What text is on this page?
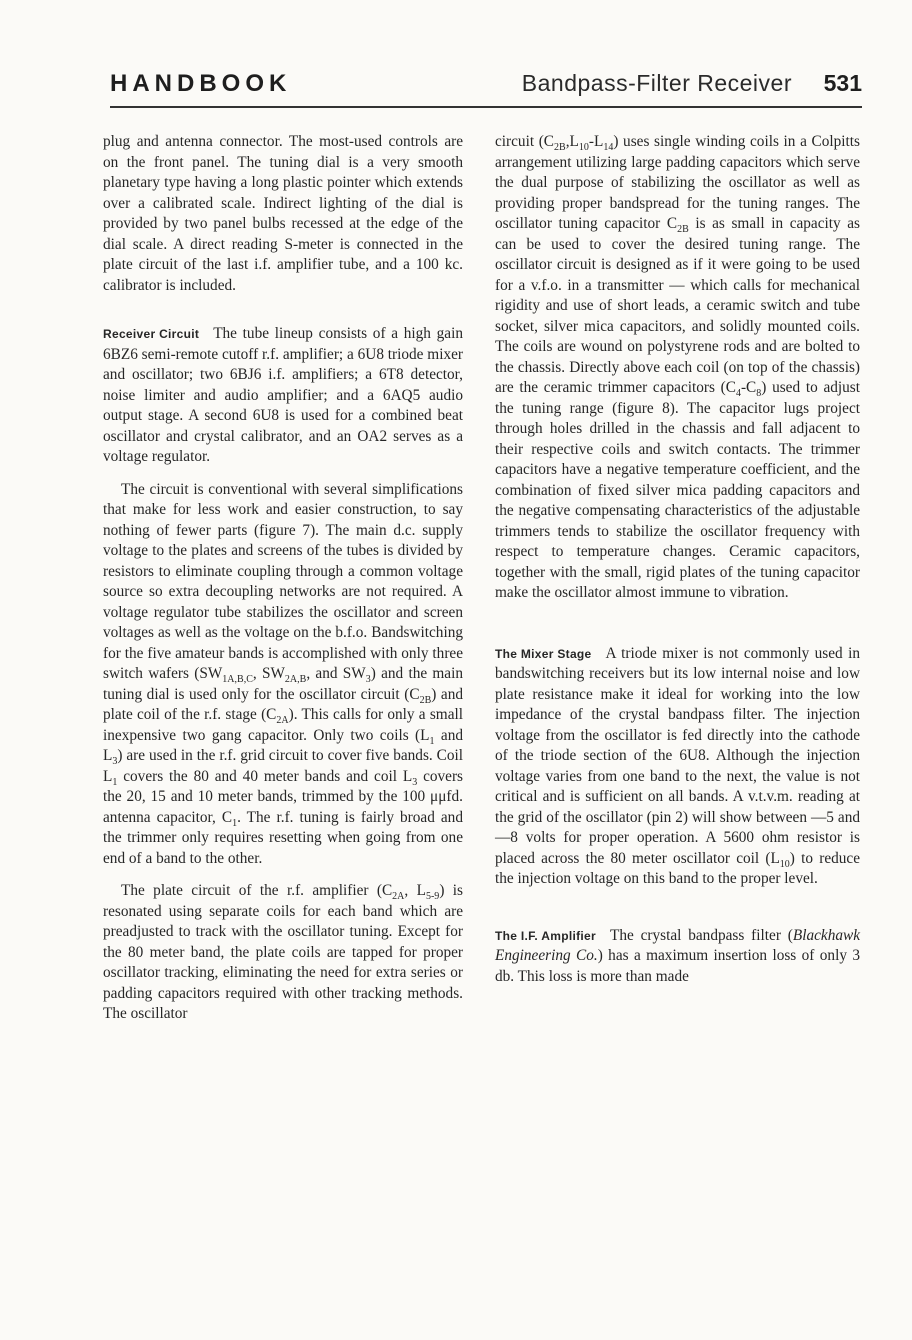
HANDBOOK	Bandpass-Filter Receiver 531

plug and antenna connector. The most-used controls are on the front panel. The tuning dial is a very smooth planetary type having a long plastic pointer which extends over a calibrated scale. Indirect lighting of the dial is provided by two panel bulbs recessed at the edge of the dial scale. A direct reading S-meter is connected in the plate circuit of the last i.f. amplifier tube, and a 100 kc. calibrator is included.

Receiver Circuit The tube lineup consists of a high gain 6BZ6 semi-remote cutoff r.f. amplifier; a 6U8 triode mixer and oscillator; two 6BJ6 i.f. amplifiers; a 6T8 detector, noise limiter and audio amplifier; and a 6AQ5 audio output stage. A second 6U8 is used for a combined beat oscillator and crystal calibrator, and an OA2 serves as a voltage regulator.

The circuit is conventional with several simplifications that make for less work and easier construction, to say nothing of fewer parts (figure 7). The main d.c. supply voltage to the plates and screens of the tubes is divided by resistors to eliminate coupling through a common voltage source so extra decoupling networks are not required. A voltage regulator tube stabilizes the oscillator and screen voltages as well as the voltage on the b.f.o. Bandswitching for the five amateur bands is accomplished with only three switch wafers ($SW_{1A,B,C}$, $SW_{2A,B}$, and $SW_3$) and the main tuning dial is used only for the oscillator circuit $(C_{2B})$ and plate coil of the r.f. stage $(C_{2A})$. This calls for only a small inexpensive two gang capacitor. Only two coils ($L_1$ and $L_3$) are used in the r.f. grid circuit to cover five bands. Coil $L_1$ covers the 80 and 40 meter bands and coil $L_3$ covers the 20, 15 and 10 meter bands, trimmed by the 100 μμfd. antenna capacitor, $C_1$. The r.f. tuning is fairly broad and the trimmer only requires resetting when going from one end of a band to the other.

The plate circuit of the r.f. amplifier ($C_{2A}$, $L_{5-9}$) is resonated using separate coils for each band which are preadjusted to track with the oscillator tuning. Except for the 80 meter band, the plate coils are tapped for proper oscillator tracking, eliminating the need for extra series or padding capacitors required with other tracking methods. The oscillator

circuit $(C_{2B},L_{10}-L_{14})$ uses single winding coils in a Colpitts arrangement utilizing large padding capacitors which serve the dual purpose of stabilizing the oscillator as well as providing proper bandspread for the tuning ranges. The oscillator tuning capacitor $C_{2B}$ is as small in capacity as can be used to cover the desired tuning range. The oscillator circuit is designed as if it were going to be used for a v.f.o. in a transmitter — which calls for mechanical rigidity and use of short leads, a ceramic switch and tube socket, silver mica capacitors, and solidly mounted coils. The coils are wound on polystyrene rods and are bolted to the chassis. Directly above each coil (on top of the chassis) are the ceramic trimmer capacitors $(C_4-C_8)$ used to adjust the tuning range (figure 8). The capacitor lugs project through holes drilled in the chassis and fall adjacent to their respective coils and switch contacts. The trimmer capacitors have a negative temperature coefficient, and the combination of fixed silver mica padding capacitors and the negative compensating characteristics of the adjustable trimmers tends to stabilize the oscillator frequency with respect to temperature changes. Ceramic capacitors, together with the small, rigid plates of the tuning capacitor make the oscillator almost immune to vibration.

The Mixer Stage A triode mixer is not commonly used in bandswitching receivers but its low internal noise and low plate resistance make it ideal for working into the low impedance of the crystal bandpass filter. The injection voltage from the oscillator is fed directly into the cathode of the triode section of the 6U8. Although the injection voltage varies from one band to the next, the value is not critical and is sufficient on all bands. A v.t.v.m. reading at the grid of the oscillator (pin 2) will show between —5 and —8 volts for proper operation. A 5600 ohm resistor is placed across the 80 meter oscillator coil $(L_{10})$ to reduce the injection voltage on this band to the proper level.

The I.F. Amplifier The crystal bandpass filter (Blackhawk Engineering Co.) has a maximum insertion loss of only 3 db. This loss is more than made
